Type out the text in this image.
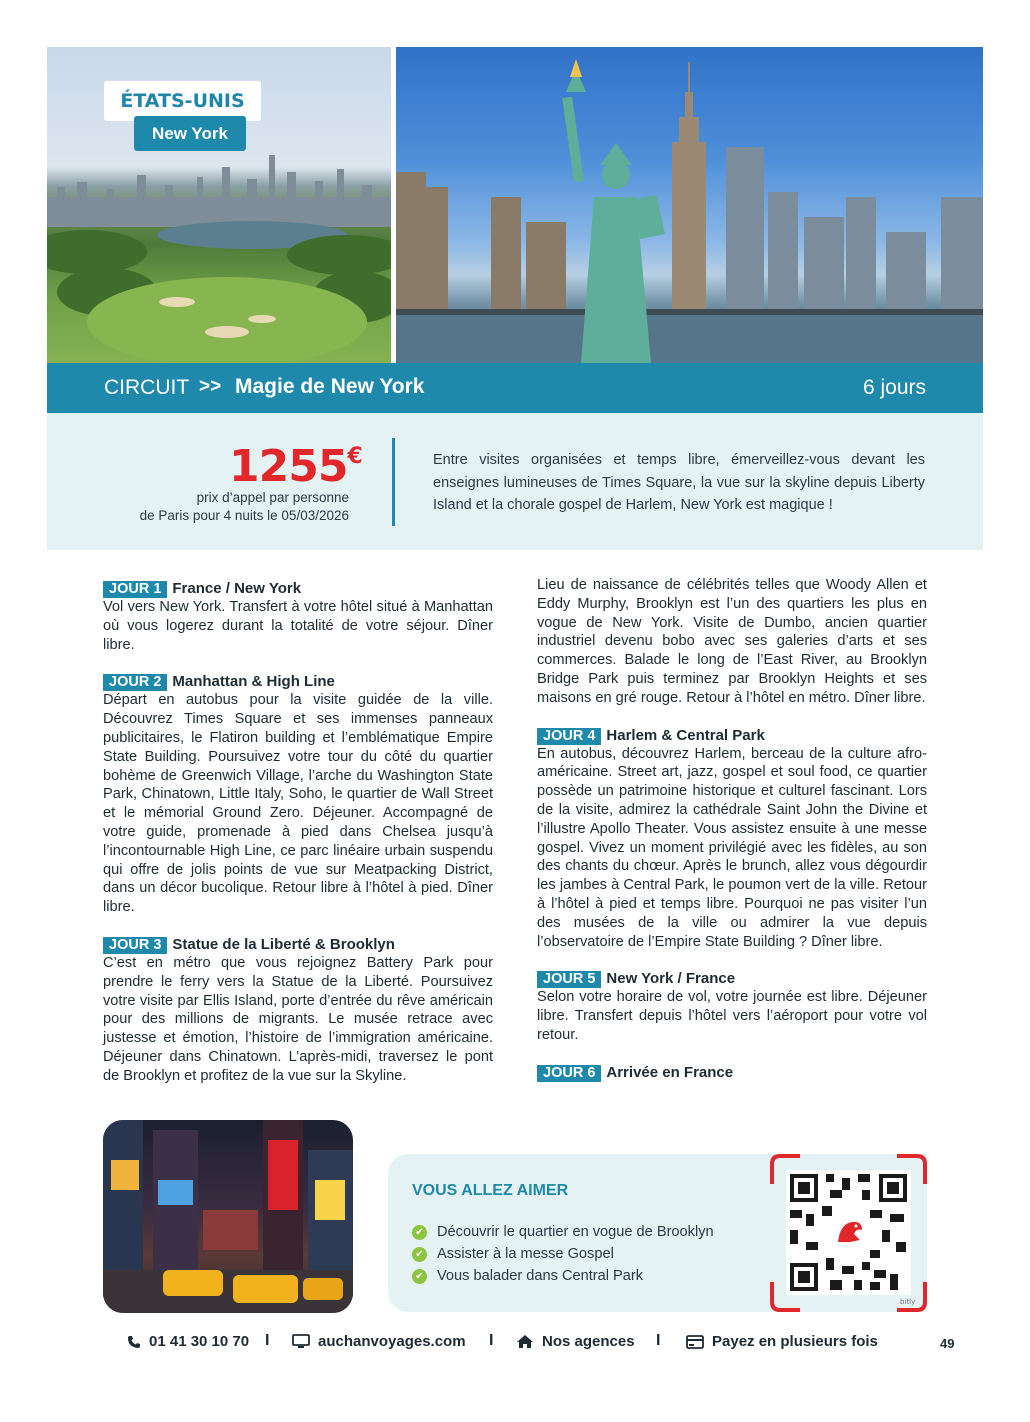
ÉTATS-UNIS
New York
CIRCUIT >> Magie de New York	6 jours
1255€
prix d’appel par personne
de Paris pour 4 nuits le 05/03/2026
Entre visites organisées et temps libre, émerveillez-vous devant les enseignes lumineuses de Times Square, la vue sur la skyline depuis Liberty Island et la chorale gospel de Harlem, New York est magique !
JOUR 1 France / New York

Vol vers New York. Transfert à votre hôtel situé à Manhattan où vous logerez durant la totalité de votre séjour. Dîner libre.

JOUR 2 Manhattan & High Line

Départ en autobus pour la visite guidée de la ville. Découvrez Times Square et ses immenses panneaux publicitaires, le Flatiron building et l’emblématique Empire State Building. Poursuivez votre tour du côté du quartier bohème de Greenwich Village, l’arche du Washington State Park, Chinatown, Little Italy, Soho, le quartier de Wall Street et le mémorial Ground Zero. Déjeuner. Accompagné de votre guide, promenade à pied dans Chelsea jusqu’à l’incontournable High Line, ce parc linéaire urbain suspendu qui offre de jolis points de vue sur Meatpacking District, dans un décor bucolique. Retour libre à l’hôtel à pied. Dîner libre.

JOUR 3 Statue de la Liberté & Brooklyn

C’est en métro que vous rejoignez Battery Park pour prendre le ferry vers la Statue de la Liberté. Poursuivez votre visite par Ellis Island, porte d’entrée du rêve américain pour des millions de migrants. Le musée retrace avec justesse et émotion, l’histoire de l’immigration américaine. Déjeuner dans Chinatown. L’après-midi, traversez le pont de Brooklyn et profitez de la vue sur la Skyline.

Lieu de naissance de célébrités telles que Woody Allen et Eddy Murphy, Brooklyn est l’un des quartiers les plus en vogue de New York. Visite de Dumbo, ancien quartier industriel devenu bobo avec ses galeries d’arts et ses commerces. Balade le long de l’East River, au Brooklyn Bridge Park puis terminez par Brooklyn Heights et ses maisons en gré rouge. Retour à l’hôtel en métro. Dîner libre.

JOUR 4 Harlem & Central Park

En autobus, découvrez Harlem, berceau de la culture afro-américaine. Street art, jazz, gospel et soul food, ce quartier possède un patrimoine historique et culturel fascinant. Lors de la visite, admirez la cathédrale Saint John the Divine et l’illustre Apollo Theater. Vous assistez ensuite à une messe gospel. Vivez un moment privilégié avec les fidèles, au son des chants du chœur. Après le brunch, allez vous dégourdir les jambes à Central Park, le poumon vert de la ville. Retour à l’hôtel à pied et temps libre. Pourquoi ne pas visiter l’un des musées de la ville ou admirer la vue depuis l’observatoire de l’Empire State Building ? Dîner libre.

JOUR 5 New York / France

Selon votre horaire de vol, votre journée est libre. Déjeuner libre. Transfert depuis l’hôtel vers l’aéroport pour votre vol retour.

JOUR 6 Arrivée en France
VOUS ALLEZ AIMER
✔ Découvrir le quartier en vogue de Brooklyn
✔ Assister à la messe Gospel
✔ Vous balader dans Central Park
bitly
01 41 30 10 70 I	auchanvoyages.com I	Nos agences I	Payez en plusieurs fois	49
